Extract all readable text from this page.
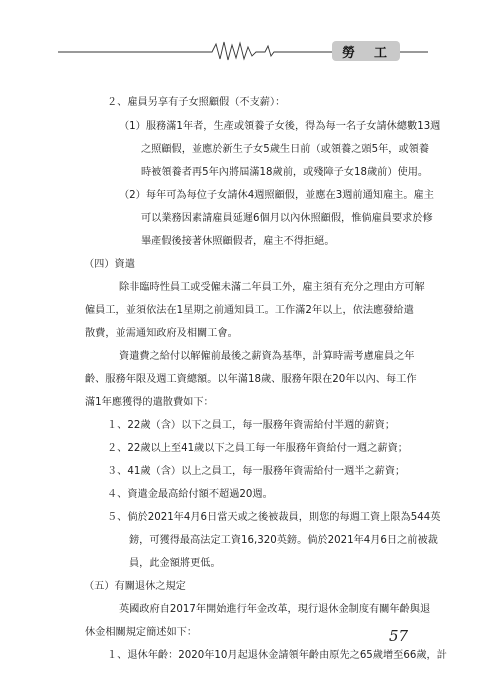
勞　工

２、雇員另享有子女照顧假（不支薪）：

（1）服務滿1年者，生產或領養子女後，得為每一名子女請休總數13週

之照顧假，並應於新生子女5歲生日前（或領養之頭5年，或領養

時被領養者再5年內將屆滿18歲前，或殘障子女18歲前）使用。

（2）每年可為每位子女請休4週照顧假，並應在3週前通知雇主。雇主

可以業務因素請雇員延遲6個月以內休照顧假，惟倘雇員要求於修

畢產假後接著休照顧假者，雇主不得拒絕。

（四）資遣

除非臨時性員工或受僱未滿二年員工外，雇主須有充分之理由方可解

僱員工，並須依法在1星期之前通知員工。工作滿2年以上，依法應發給遣

散費，並需通知政府及相關工會。

資遣費之給付以解僱前最後之薪資為基準，計算時需考慮雇員之年

齡、服務年限及週工資總額。以年滿18歲、服務年限在20年以內、每工作

滿1年應獲得的遣散費如下：

１、22歲（含）以下之員工，每一服務年資需給付半週的薪資；

２、22歲以上至41歲以下之員工每一年服務年資給付一週之薪資；

３、41歲（含）以上之員工，每一服務年資需給付一週半之薪資；

４、資遣金最高給付額不超過20週。

５、倘於2021年4月6日當天或之後被裁員，則您的每週工資上限為544英

鎊，可獲得最高法定工資16,320英鎊。倘於2021年4月6日之前被裁

員，此金額將更低。

（五）有關退休之規定

英國政府自2017年開始進行年金改革，現行退休金制度有關年齡與退

休金相關規定簡述如下：

１、退休年齡：2020年10月起退休金請領年齡由原先之65歲增至66歲，計

57
